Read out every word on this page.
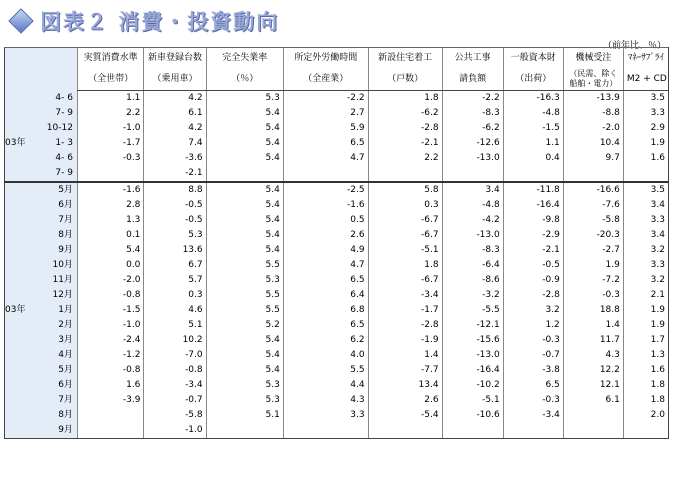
図表２ 消費・投資動向
（前年比、％）
		実質消費水準	新車登録台数	完全失業率	所定外労働時間	新設住宅着工	公共工事	一般資本財	機械受注	ﾏﾈｰｻﾌﾟﾗｲ
		（全世帯）	（乗用車）	（％）	（全産業）	（戸数）	請負額	（出荷）	（民需、除く船舶・電力）	M2 + CD
	4- 6	1.1	4.2	5.3	-2.2	1.8	-2.2	-16.3	-13.9	3.5
	7- 9	2.2	6.1	5.4	2.7	-6.2	-8.3	-4.8	-8.8	3.3
	10-12	-1.0	4.2	5.4	5.9	-2.8	-6.2	-1.5	-2.0	2.9
03年	1- 3	-1.7	7.4	5.4	6.5	-2.1	-12.6	1.1	10.4	1.9
	4- 6	-0.3	-3.6	5.4	4.7	2.2	-13.0	0.4	9.7	1.6
	7- 9		-2.1							
	5月	-1.6	8.8	5.4	-2.5	5.8	3.4	-11.8	-16.6	3.5
	6月	2.8	-0.5	5.4	-1.6	0.3	-4.8	-16.4	-7.6	3.4
	7月	1.3	-0.5	5.4	0.5	-6.7	-4.2	-9.8	-5.8	3.3
	8月	0.1	5.3	5.4	2.6	-6.7	-13.0	-2.9	-20.3	3.4
	9月	5.4	13.6	5.4	4.9	-5.1	-8.3	-2.1	-2.7	3.2
	10月	0.0	6.7	5.5	4.7	1.8	-6.4	-0.5	1.9	3.3
	11月	-2.0	5.7	5.3	6.5	-6.7	-8.6	-0.9	-7.2	3.2
	12月	-0.8	0.3	5.5	6.4	-3.4	-3.2	-2.8	-0.3	2.1
03年	1月	-1.5	4.6	5.5	6.8	-1.7	-5.5	3.2	18.8	1.9
	2月	-1.0	5.1	5.2	6.5	-2.8	-12.1	1.2	1.4	1.9
	3月	-2.4	10.2	5.4	6.2	-1.9	-15.6	-0.3	11.7	1.7
	4月	-1.2	-7.0	5.4	4.0	1.4	-13.0	-0.7	4.3	1.3
	5月	-0.8	-0.8	5.4	5.5	-7.7	-16.4	-3.8	12.2	1.6
	6月	1.6	-3.4	5.3	4.4	13.4	-10.2	6.5	12.1	1.8
	7月	-3.9	-0.7	5.3	4.3	2.6	-5.1	-0.3	6.1	1.8
	8月		-5.8	5.1	3.3	-5.4	-10.6	-3.4		2.0
	9月		-1.0							
